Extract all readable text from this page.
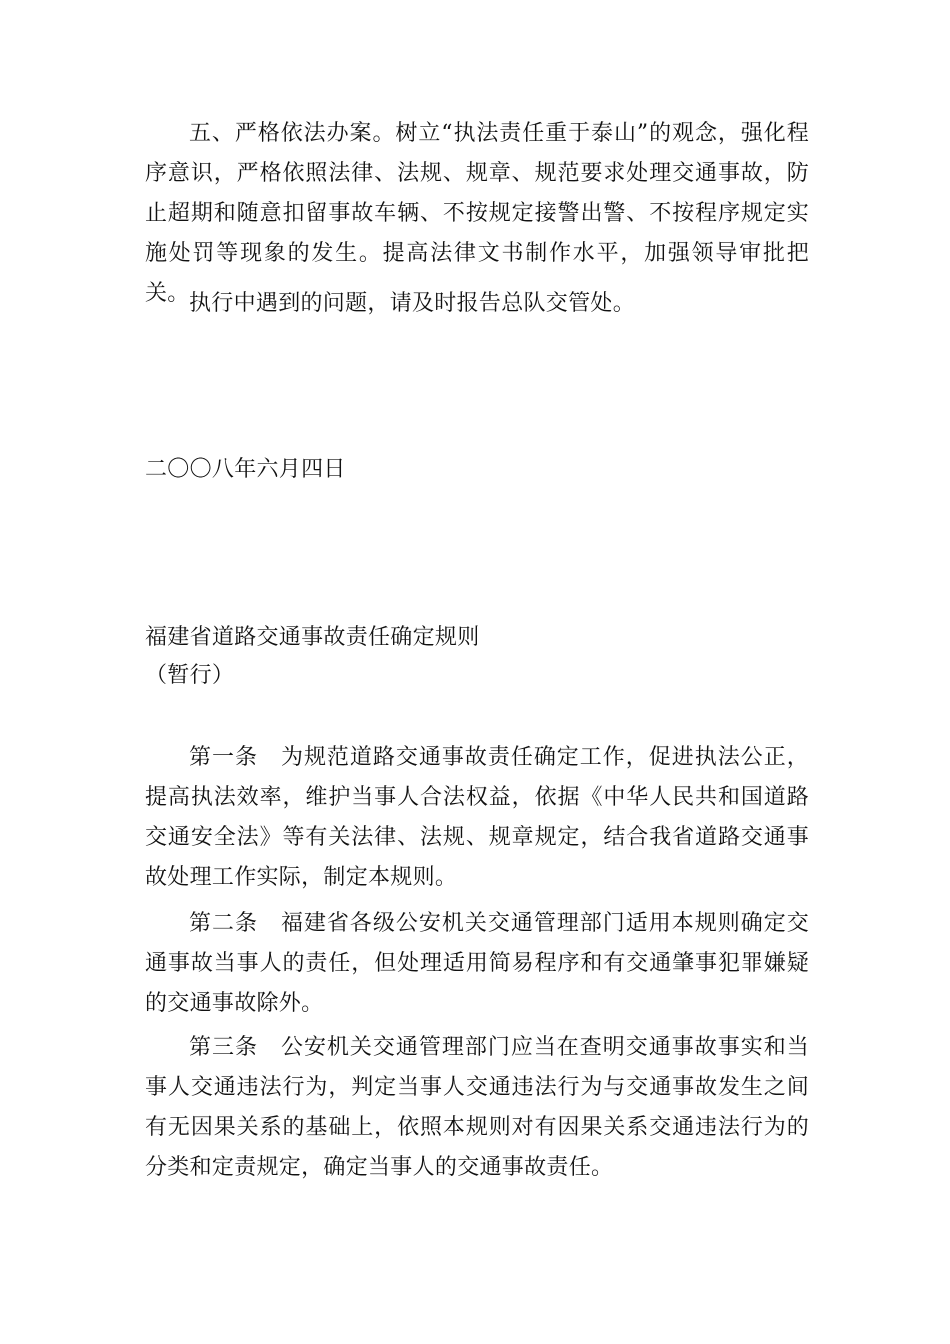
五、严格依法办案。树立“执法责任重于泰山”的观念，强化程序意识，严格依照法律、法规、规章、规范要求处理交通事故，防止超期和随意扣留事故车辆、不按规定接警出警、不按程序规定实施处罚等现象的发生。提高法律文书制作水平，加强领导审批把关。 执行中遇到的问题，请及时报告总队交管处。

二〇〇八年六月四日

福建省道路交通事故责任确定规则

（暂行）

第一条　为规范道路交通事故责任确定工作，促进执法公正，提高执法效率，维护当事人合法权益，依据《中华人民共和国道路交通安全法》等有关法律、法规、规章规定，结合我省道路交通事故处理工作实际，制定本规则。

第二条　福建省各级公安机关交通管理部门适用本规则确定交通事故当事人的责任，但处理适用简易程序和有交通肇事犯罪嫌疑的交通事故除外。

第三条　公安机关交通管理部门应当在查明交通事故事实和当事人交通违法行为，判定当事人交通违法行为与交通事故发生之间有无因果关系的基础上，依照本规则对有因果关系交通违法行为的分类和定责规定，确定当事人的交通事故责任。
